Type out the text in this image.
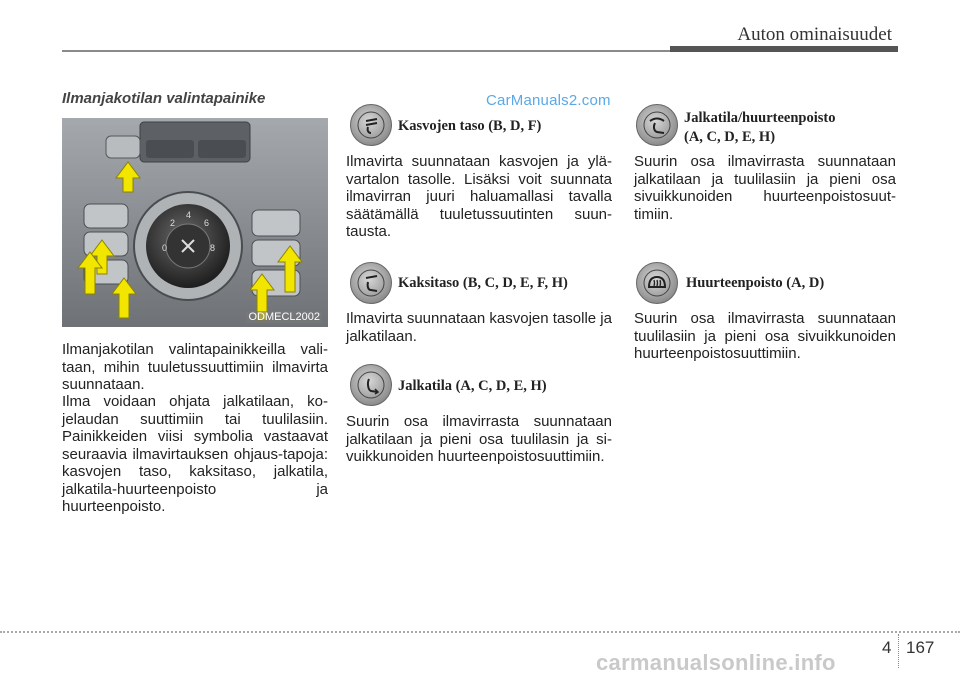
Auton ominaisuudet
CarManuals2.com
Ilmanjakotilan valintapainike
0
2
4
6
8
ODMECL2002

Ilmanjakotilan valintapainikkeilla vali-taan, mihin tuuletussuuttimiin ilmavirta suunnataan.

Ilma voidaan ohjata jalkatilaan, ko-jelaudan suuttimiin tai tuulilasiin. Painikkeiden viisi symbolia vastaavat seuraavia ilmavirtauksen ohjaus-tapoja: kasvojen taso, kaksitaso, jalkatila, jalkatila-huurteenpoisto ja huurteenpoisto.

Kasvojen taso (B, D, F)

Ilmavirta suunnataan kasvojen ja ylä-vartalon tasolle. Lisäksi voit suunnata ilmavirran juuri haluamallasi tavalla säätämällä tuuletussuutinten suun-tausta.

Kaksitaso (B, C, D, E, F, H)

Ilmavirta suunnataan kasvojen tasolle ja jalkatilaan.

Jalkatila (A, C, D, E, H)

Suurin osa ilmavirrasta suunnataan jalkatilaan ja pieni osa tuulilasin ja si-vuikkunoiden huurteenpoistosuuttimiin.

Jalkatila/huurteenpoisto
(A, C, D, E, H)

Suurin osa ilmavirrasta suunnataan jalkatilaan ja tuulilasiin ja pieni osa sivuikkunoiden huurteenpoistosuut-timiin.

Huurteenpoisto (A, D)

Suurin osa ilmavirrasta suunnataan tuulilasiin ja pieni osa sivuikkunoiden huurteenpoistosuuttimiin.

4 167
carmanualsonline.info
